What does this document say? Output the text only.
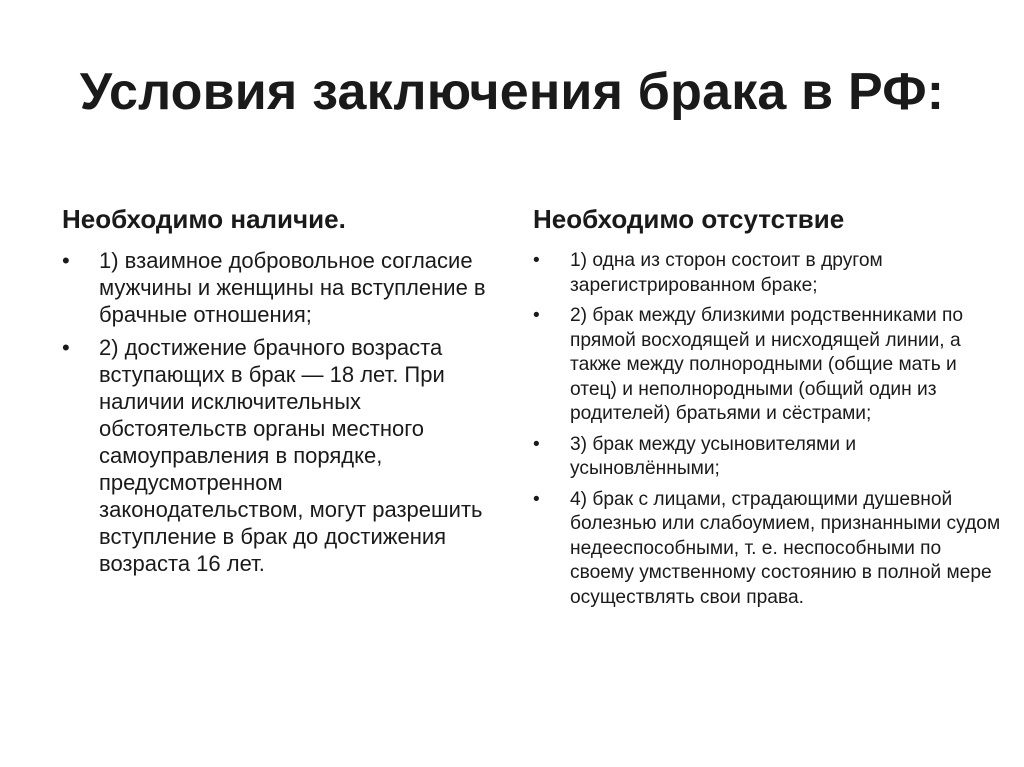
Условия заключения брака в РФ:
Необходимо наличие.
• 1) взаимное добровольное согласие мужчины и женщины на вступление в брачные отношения;
• 2) достижение брачного возраста вступающих в брак — 18 лет. При наличии исключительных обстоятельств органы местного самоуправления в порядке, предусмотренном законодательством, могут разрешить вступление в брак до достижения возраста 16 лет.
Необходимо отсутствие
• 1) одна из сторон состоит в другом зарегистрированном браке;
• 2) брак между близкими родственниками по прямой восходящей и нисходящей линии, а также между полнородными (общие мать и отец) и неполнородными (общий один из родителей) братьями и сёстрами;
• 3) брак между усыновителями и усыновлёнными;
• 4) брак с лицами, страдающими душевной болезнью или слабоумием, признанными судом недееспособными, т. е. неспособными по своему умственному состоянию в полной мере осуществлять свои права.
